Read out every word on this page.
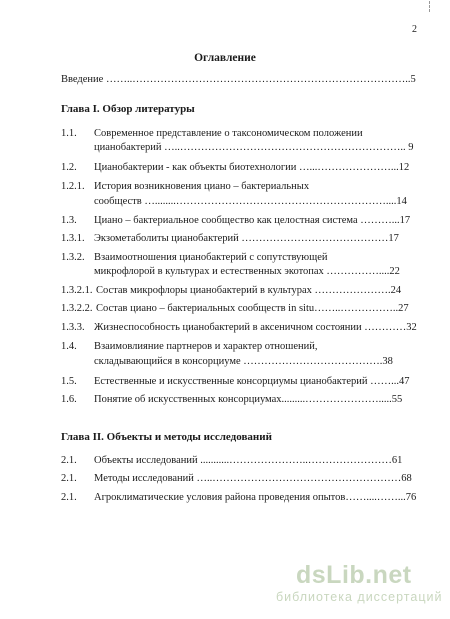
2
Оглавление
Введение ……..……………………………………………………………………..5
Глава I. Обзор литературы
1.1. Современное представление о таксономическом положении
цианобактерий …..……………………………………………………….. 9
1.2. Цианобактерии - как объекты биотехнологии …...…………………...12
1.2.1. История возникновения циано – бактериальных
сообществ …........……………………………………………………....14
1.3. Циано – бактериальное сообщество как целостная система ………...17
1.3.1. Экзометаболиты цианобактерий ……………………………………17
1.3.2. Взаимоотношения цианобактерий с сопутствующей
микрофлорой в культурах и естественных экотопах ……………....22
1.3.2.1. Состав микрофлоры цианобактерий в культурах ………………….24
1.3.2.2. Состав циано – бактериальных сообществ in situ……..……………..27
1.3.3. Жизнеспособность цианобактерий в аксеничном состоянии …………32
1.4. Взаимовлияние партнеров и характер отношений,
складывающийся в консорциуме ………………………………….38
1.5. Естественные и искусственные консорциумы цианобактерий ……...47
1.6. Понятие об искусственных консорциумах.........………………….....55
Глава II. Объекты и методы исследований
2.1. Объекты исследований ...........…………………..……………………61
2.1. Методы исследований …..………………………………………………68
2.1. Агроклиматические условия района проведения опытов……....……...76
dsLib.net
библиотека диссертаций
